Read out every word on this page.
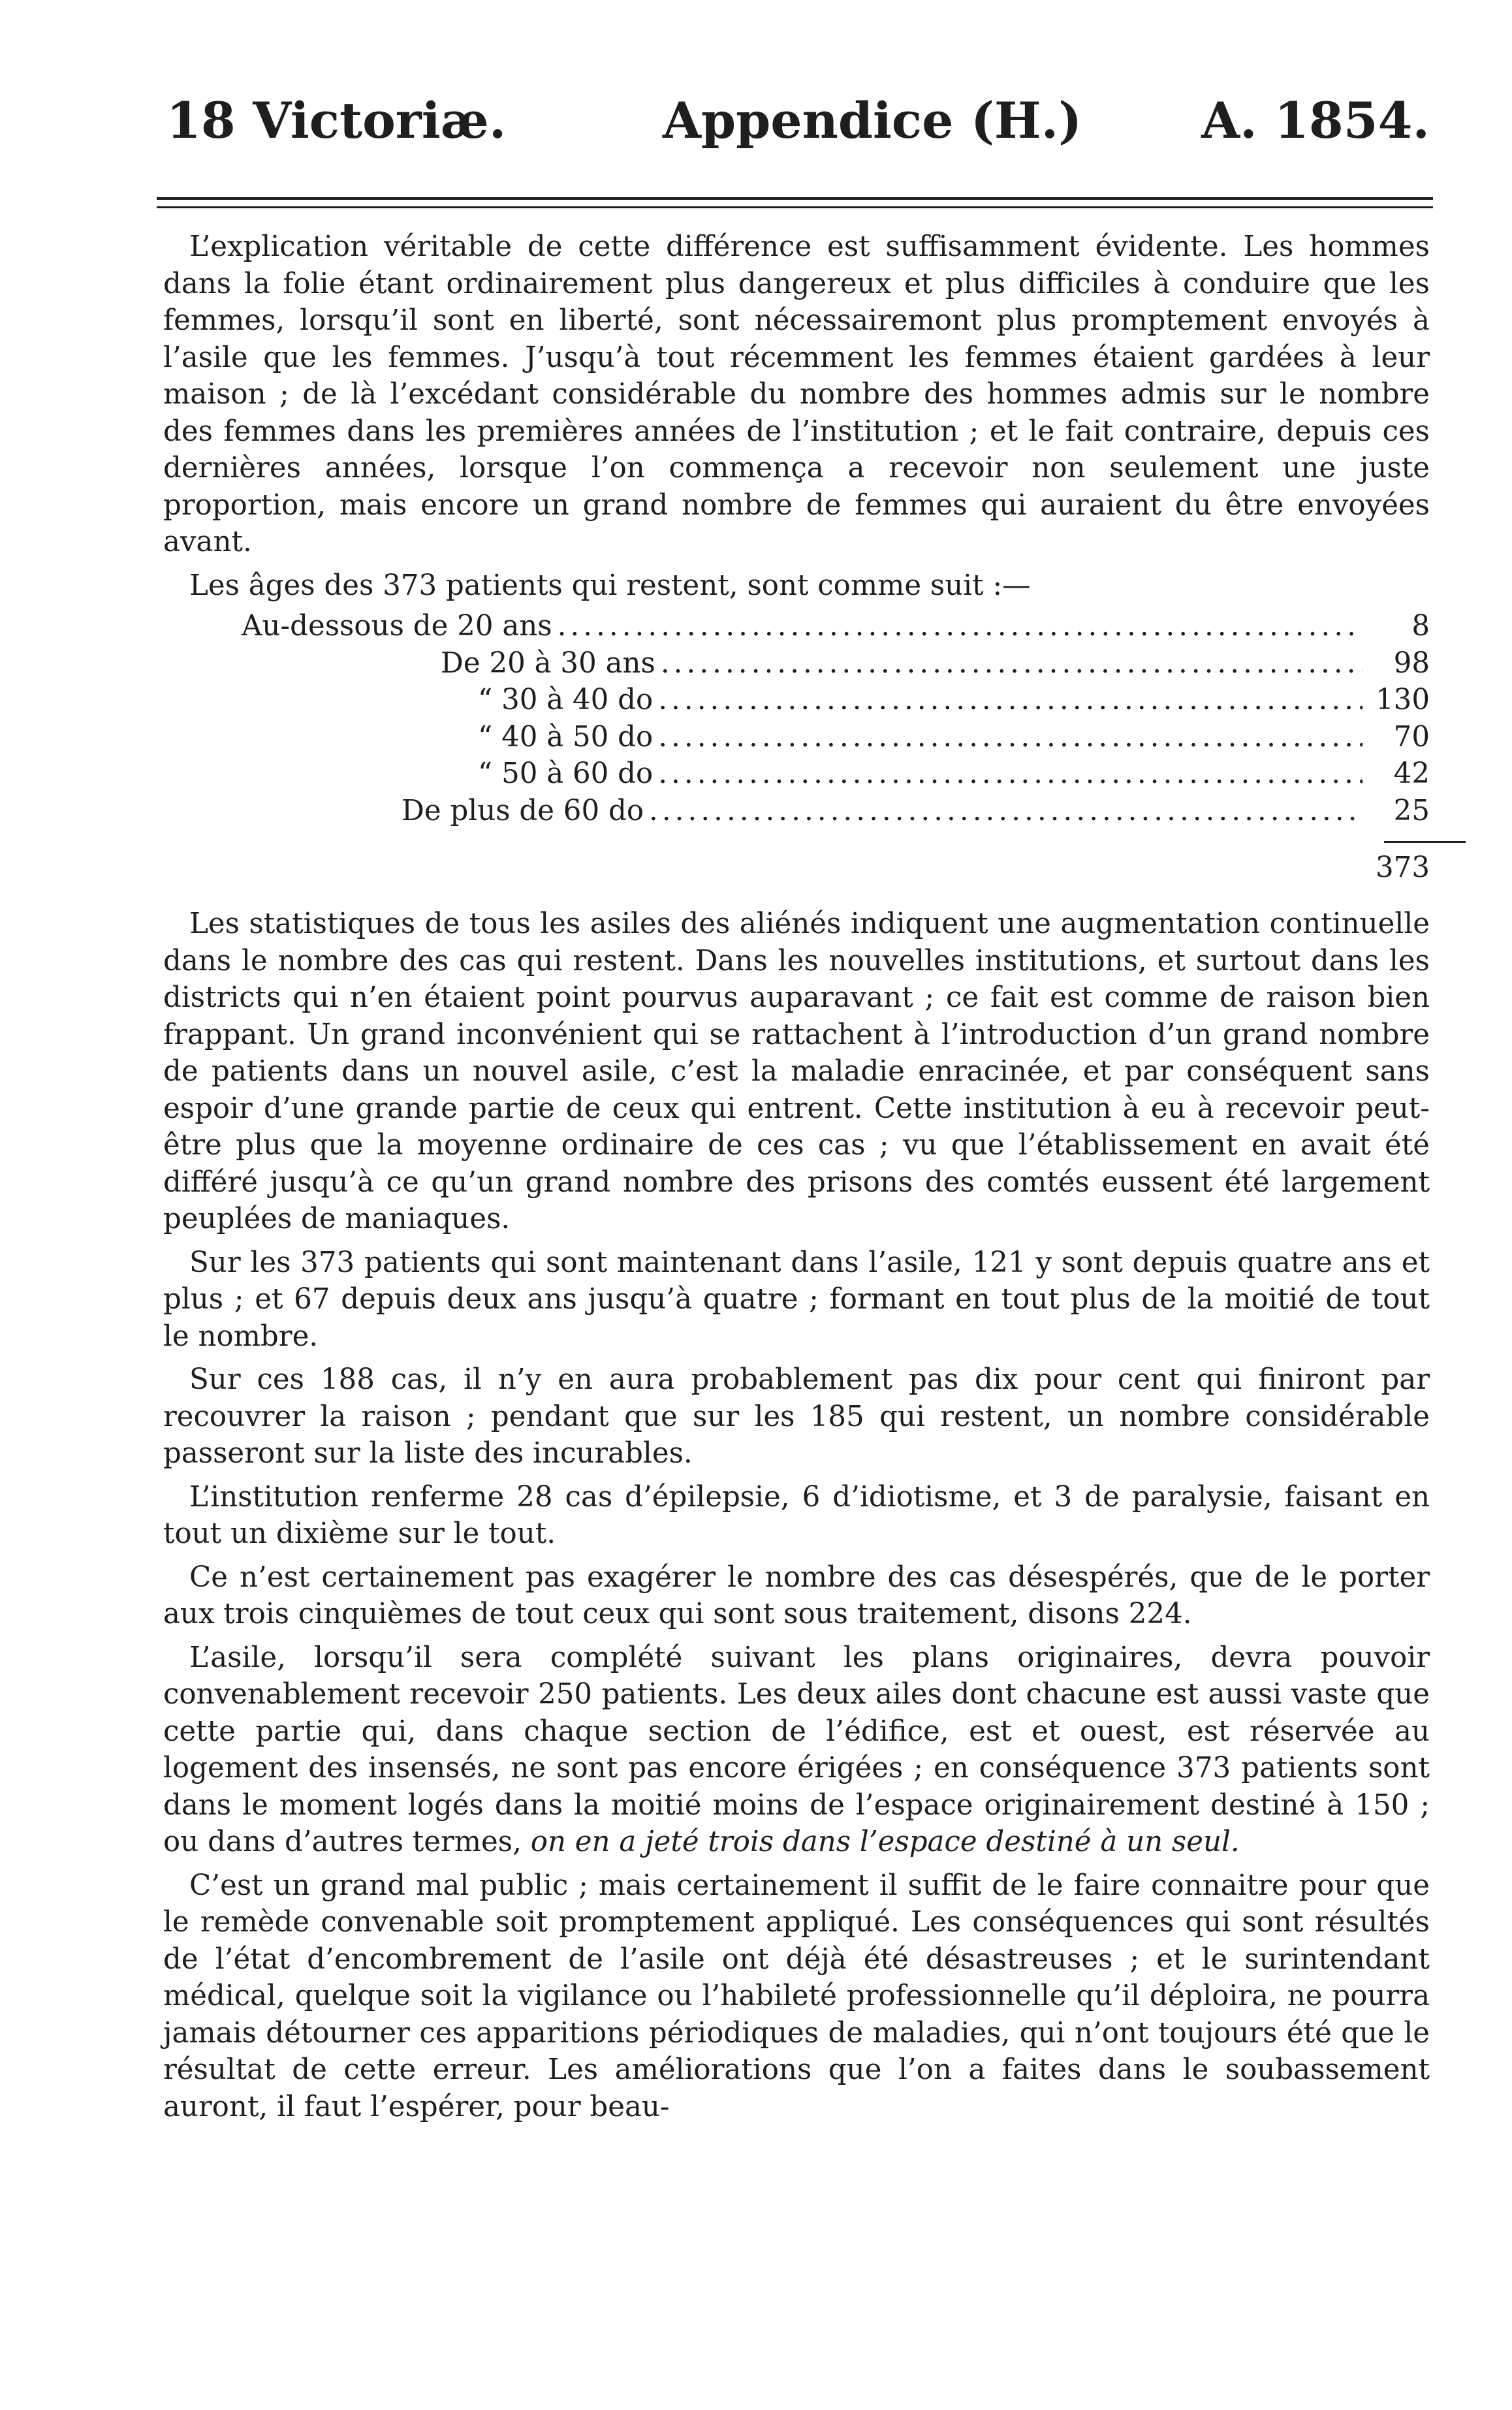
18 Victoriæ.	Appendice (H.) A. 1854.

L’explication véritable de cette différence est suffisamment évidente. Les hommes dans la folie étant ordinairement plus dangereux et plus difficiles à conduire que les femmes, lorsqu’il sont en liberté, sont nécessairemont plus promptement envoyés à l’asile que les femmes. J’usqu’à tout récemment les femmes étaient gardées à leur maison ; de là l’excédant considérable du nombre des hommes admis sur le nombre des femmes dans les premières années de l’institution ; et le fait contraire, depuis ces dernières années, lorsque l’on commença a recevoir non seulement une juste proportion, mais encore un grand nombre de femmes qui auraient du être envoyées avant.

Les âges des 373 patients qui restent, sont comme suit :—

Au-dessous de 20 ans .....	8
De 20 à 30 ans .....	98
“ 30 à 40 do .....	130
“ 40 à 50 do .....	70
“ 50 à 60 do .....	42
De plus de 60 do .....	25
373

Les statistiques de tous les asiles des aliénés indiquent une augmentation continuelle dans le nombre des cas qui restent. Dans les nouvelles institutions, et surtout dans les districts qui n’en étaient point pourvus auparavant ; ce fait est comme de raison bien frappant. Un grand inconvénient qui se rattachent à l’introduction d’un grand nombre de patients dans un nouvel asile, c’est la maladie enracinée, et par conséquent sans espoir d’une grande partie de ceux qui entrent. Cette institution à eu à recevoir peut-être plus que la moyenne ordinaire de ces cas ; vu que l’établissement en avait été différé jusqu’à ce qu’un grand nombre des prisons des comtés eussent été largement peuplées de maniaques.

Sur les 373 patients qui sont maintenant dans l’asile, 121 y sont depuis quatre ans et plus ; et 67 depuis deux ans jusqu’à quatre ; formant en tout plus de la moitié de tout le nombre.

Sur ces 188 cas, il n’y en aura probablement pas dix pour cent qui finiront par recouvrer la raison ; pendant que sur les 185 qui restent, un nombre considérable passeront sur la liste des incurables.

L’institution renferme 28 cas d’épilepsie, 6 d’idiotisme, et 3 de paralysie, faisant en tout un dixième sur le tout.

Ce n’est certainement pas exagérer le nombre des cas désespérés, que de le porter aux trois cinquièmes de tout ceux qui sont sous traitement, disons 224.

L’asile, lorsqu’il sera complété suivant les plans originaires, devra pouvoir convenablement recevoir 250 patients. Les deux ailes dont chacune est aussi vaste que cette partie qui, dans chaque section de l’édifice, est et ouest, est réservée au logement des insensés, ne sont pas encore érigées ; en conséquence 373 patients sont dans le moment logés dans la moitié moins de l’espace originairement destiné à 150 ; ou dans d’autres termes, on en a jeté trois dans l’espace destiné à un seul.

C’est un grand mal public ; mais certainement il suffit de le faire connaitre pour que le remède convenable soit promptement appliqué. Les conséquences qui sont résultés de l’état d’encombrement de l’asile ont déjà été désastreuses ; et le surintendant médical, quelque soit la vigilance ou l’habileté professionnelle qu’il déploira, ne pourra jamais détourner ces apparitions périodiques de maladies, qui n’ont toujours été que le résultat de cette erreur. Les améliorations que l’on a faites dans le soubassement auront, il faut l’espérer, pour beau-
